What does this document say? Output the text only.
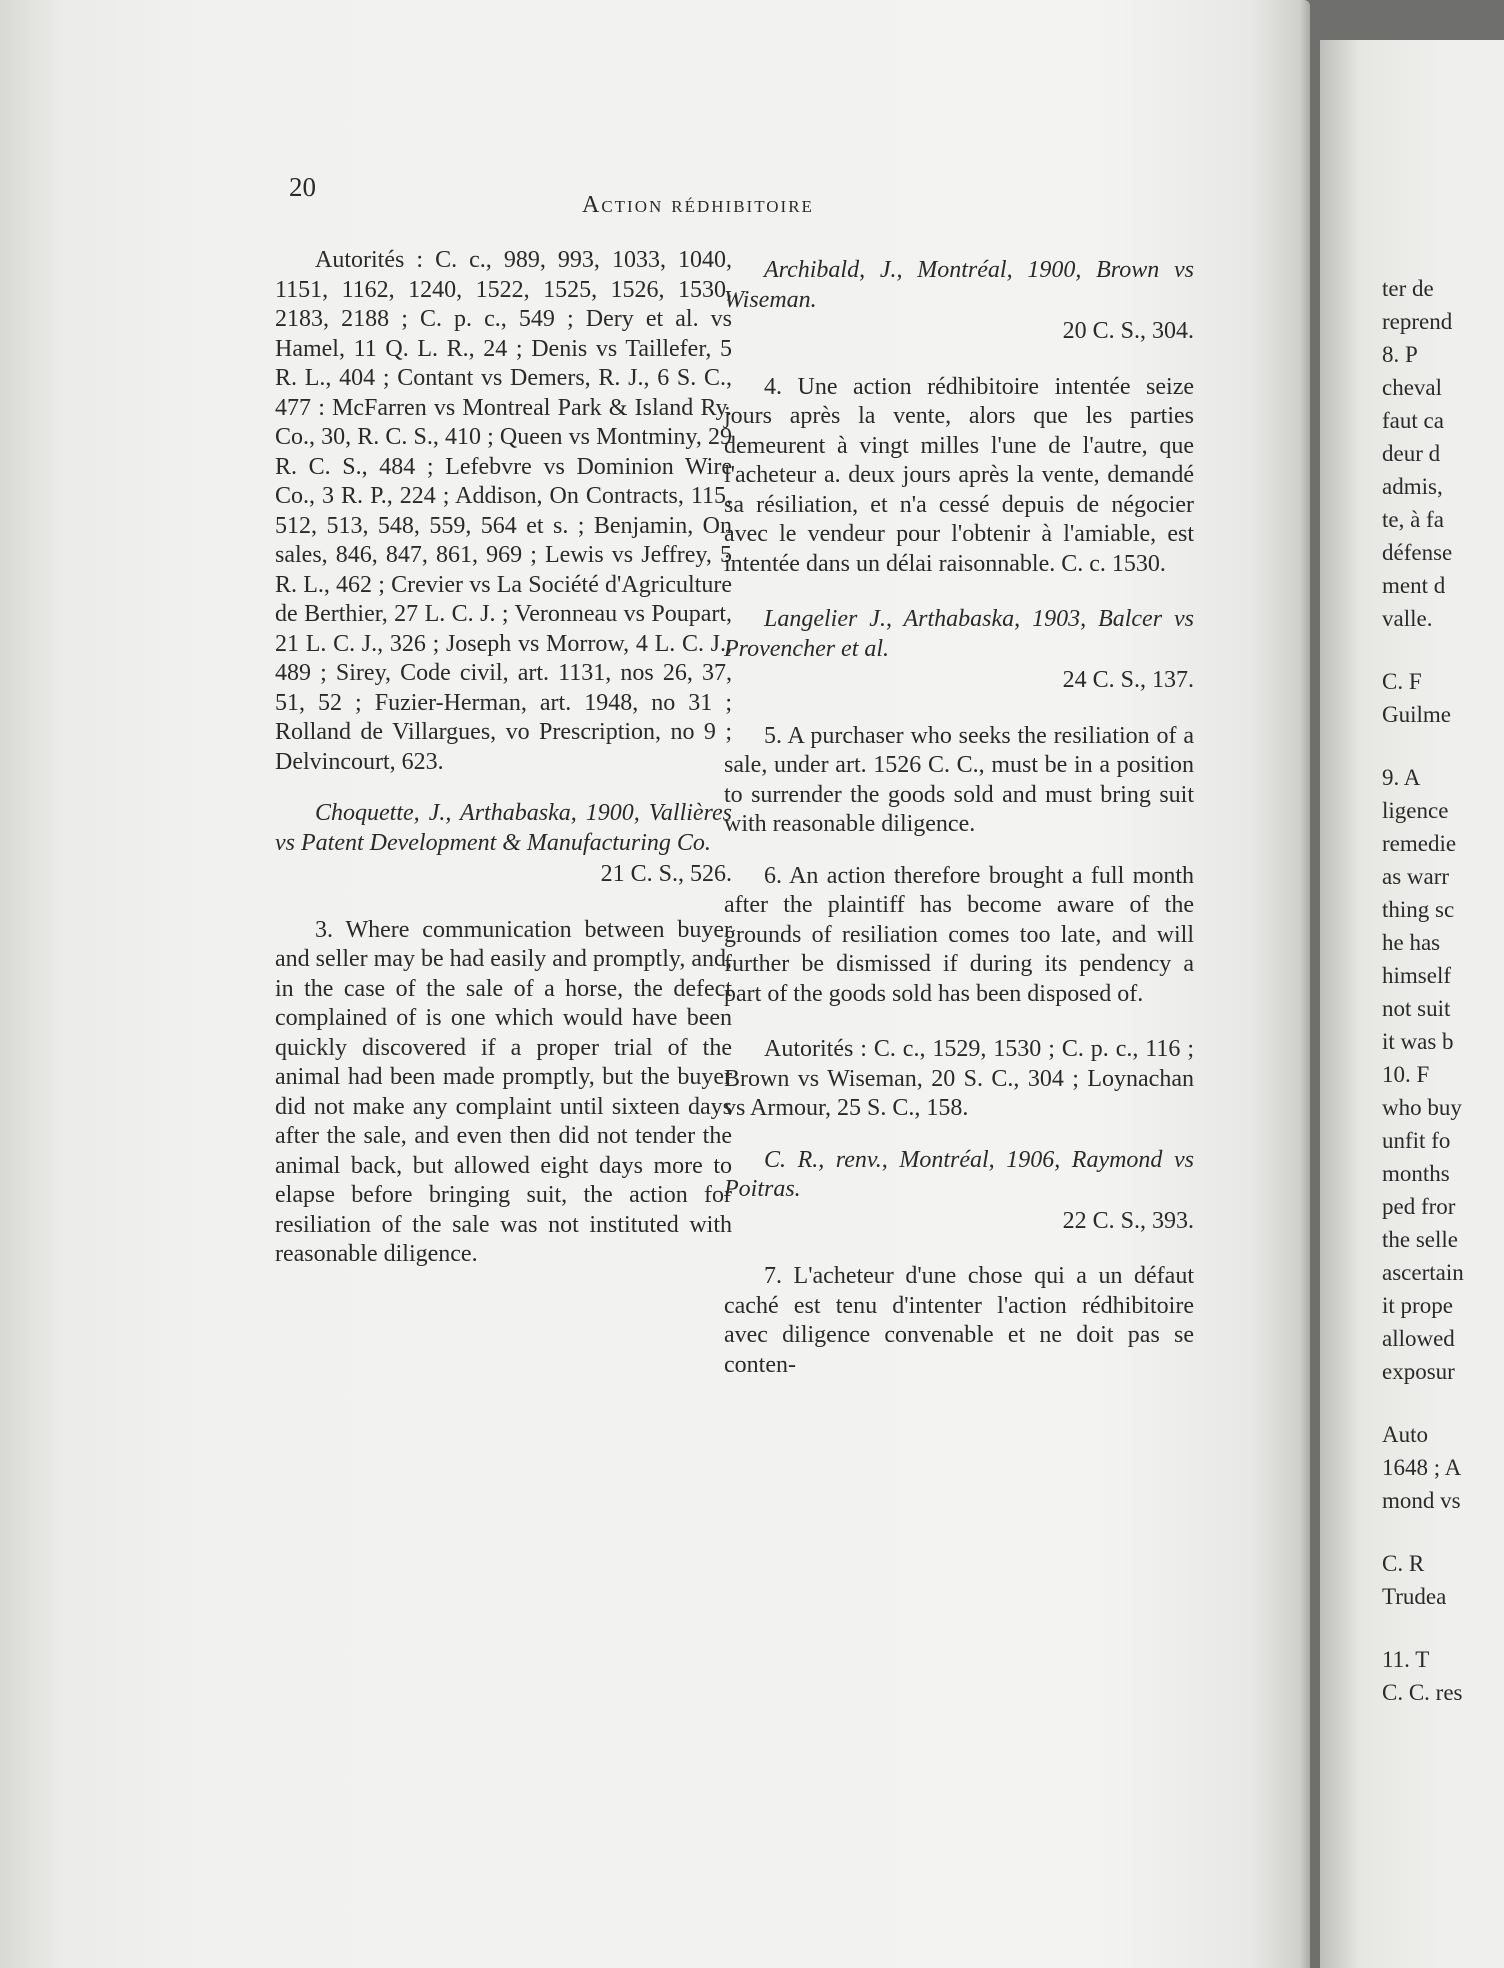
20
Action rédhibitoire

Autorités : C. c., 989, 993, 1033, 1040, 1151, 1162, 1240, 1522, 1525, 1526, 1530, 2183, 2188 ; C. p. c., 549 ; Dery et al. vs Hamel, 11 Q. L. R., 24 ; Denis vs Taillefer, 5 R. L., 404 ; Contant vs Demers, R. J., 6 S. C., 477 : McFarren vs Montreal Park & Island Ry. Co., 30, R. C. S., 410 ; Queen vs Montminy, 29 R. C. S., 484 ; Lefebvre vs Dominion Wire Co., 3 R. P., 224 ; Addison, On Contracts, 115, 512, 513, 548, 559, 564 et s. ; Benjamin, On sales, 846, 847, 861, 969 ; Lewis vs Jeffrey, 5 R. L., 462 ; Crevier vs La Société d'Agriculture de Berthier, 27 L. C. J. ; Veronneau vs Poupart, 21 L. C. J., 326 ; Joseph vs Morrow, 4 L. C. J., 489 ; Sirey, Code civil, art. 1131, nos 26, 37, 51, 52 ; Fuzier-Herman, art. 1948, no 31 ; Rolland de Villargues, vo Prescription, no 9 ; Delvincourt, 623.

Choquette, J., Arthabaska, 1900, Vallières vs Patent Development & Manufacturing Co.

21 C. S., 526.

3. Where communication between buyer and seller may be had easily and promptly, and, in the case of the sale of a horse, the defect complained of is one which would have been quickly discovered if a proper trial of the animal had been made promptly, but the buyer did not make any complaint until sixteen days after the sale, and even then did not tender the animal back, but allowed eight days more to elapse before bringing suit, the action for resiliation of the sale was not instituted with reasonable diligence.

Archibald, J., Montréal, 1900, Brown vs Wiseman.

20 C. S., 304.

4. Une action rédhibitoire intentée seize jours après la vente, alors que les parties demeurent à vingt milles l'une de l'autre, que l'acheteur a. deux jours après la vente, demandé sa résiliation, et n'a cessé depuis de négocier avec le vendeur pour l'obtenir à l'amiable, est intentée dans un délai raisonnable. C. c. 1530.

Langelier J., Arthabaska, 1903, Balcer vs Provencher et al.

24 C. S., 137.

5. A purchaser who seeks the resiliation of a sale, under art. 1526 C. C., must be in a position to surrender the goods sold and must bring suit with reasonable diligence.

6. An action therefore brought a full month after the plaintiff has become aware of the grounds of resiliation comes too late, and will further be dismissed if during its pendency a part of the goods sold has been disposed of.

Autorités : C. c., 1529, 1530 ; C. p. c., 116 ; Brown vs Wiseman, 20 S. C., 304 ; Loynachan vs Armour, 25 S. C., 158.

C. R., renv., Montréal, 1906, Raymond vs Poitras.

22 C. S., 393.

7. L'acheteur d'une chose qui a un défaut caché est tenu d'intenter l'action rédhibitoire avec diligence convenable et ne doit pas se conten-

ter de

reprend

8. P

cheval

faut ca

deur d

admis,

te, à fa

défense

ment d

valle.

C. F

Guilme

9. A

ligence

remedie

as warr

thing sc

he has

himself

not suit

it was b

10. F

who buy

unfit fo

months

ped fror

the selle

ascertain

it prope

allowed

exposur

Auto

1648 ; A

mond vs

C. R

Trudea

11. T

C. C. res
